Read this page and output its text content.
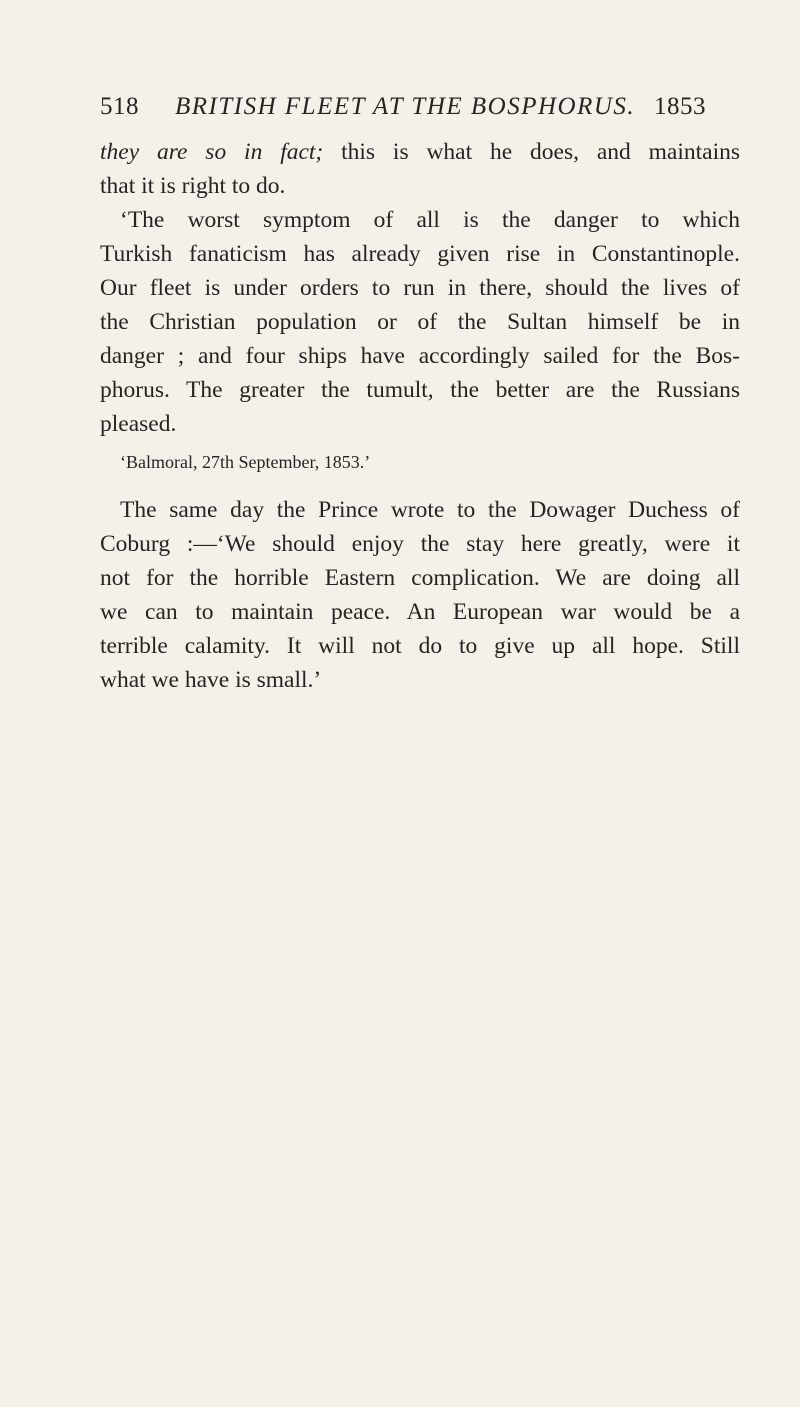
518 BRITISH FLEET AT THE BOSPHORUS. 1853
they are so in fact; this is what he does, and maintains
that it is right to do.
‘The worst symptom of all is the danger to which
Turkish fanaticism has already given rise in Constantinople.
Our fleet is under orders to run in there, should the lives of
the Christian population or of the Sultan himself be in
danger ; and four ships have accordingly sailed for the Bos-
phorus. The greater the tumult, the better are the Russians
pleased.
‘Balmoral, 27th September, 1853.’
The same day the Prince wrote to the Dowager Duchess of
Coburg :—‘We should enjoy the stay here greatly, were it
not for the horrible Eastern complication. We are doing all
we can to maintain peace. An European war would be a
terrible calamity. It will not do to give up all hope. Still
what we have is small.’
